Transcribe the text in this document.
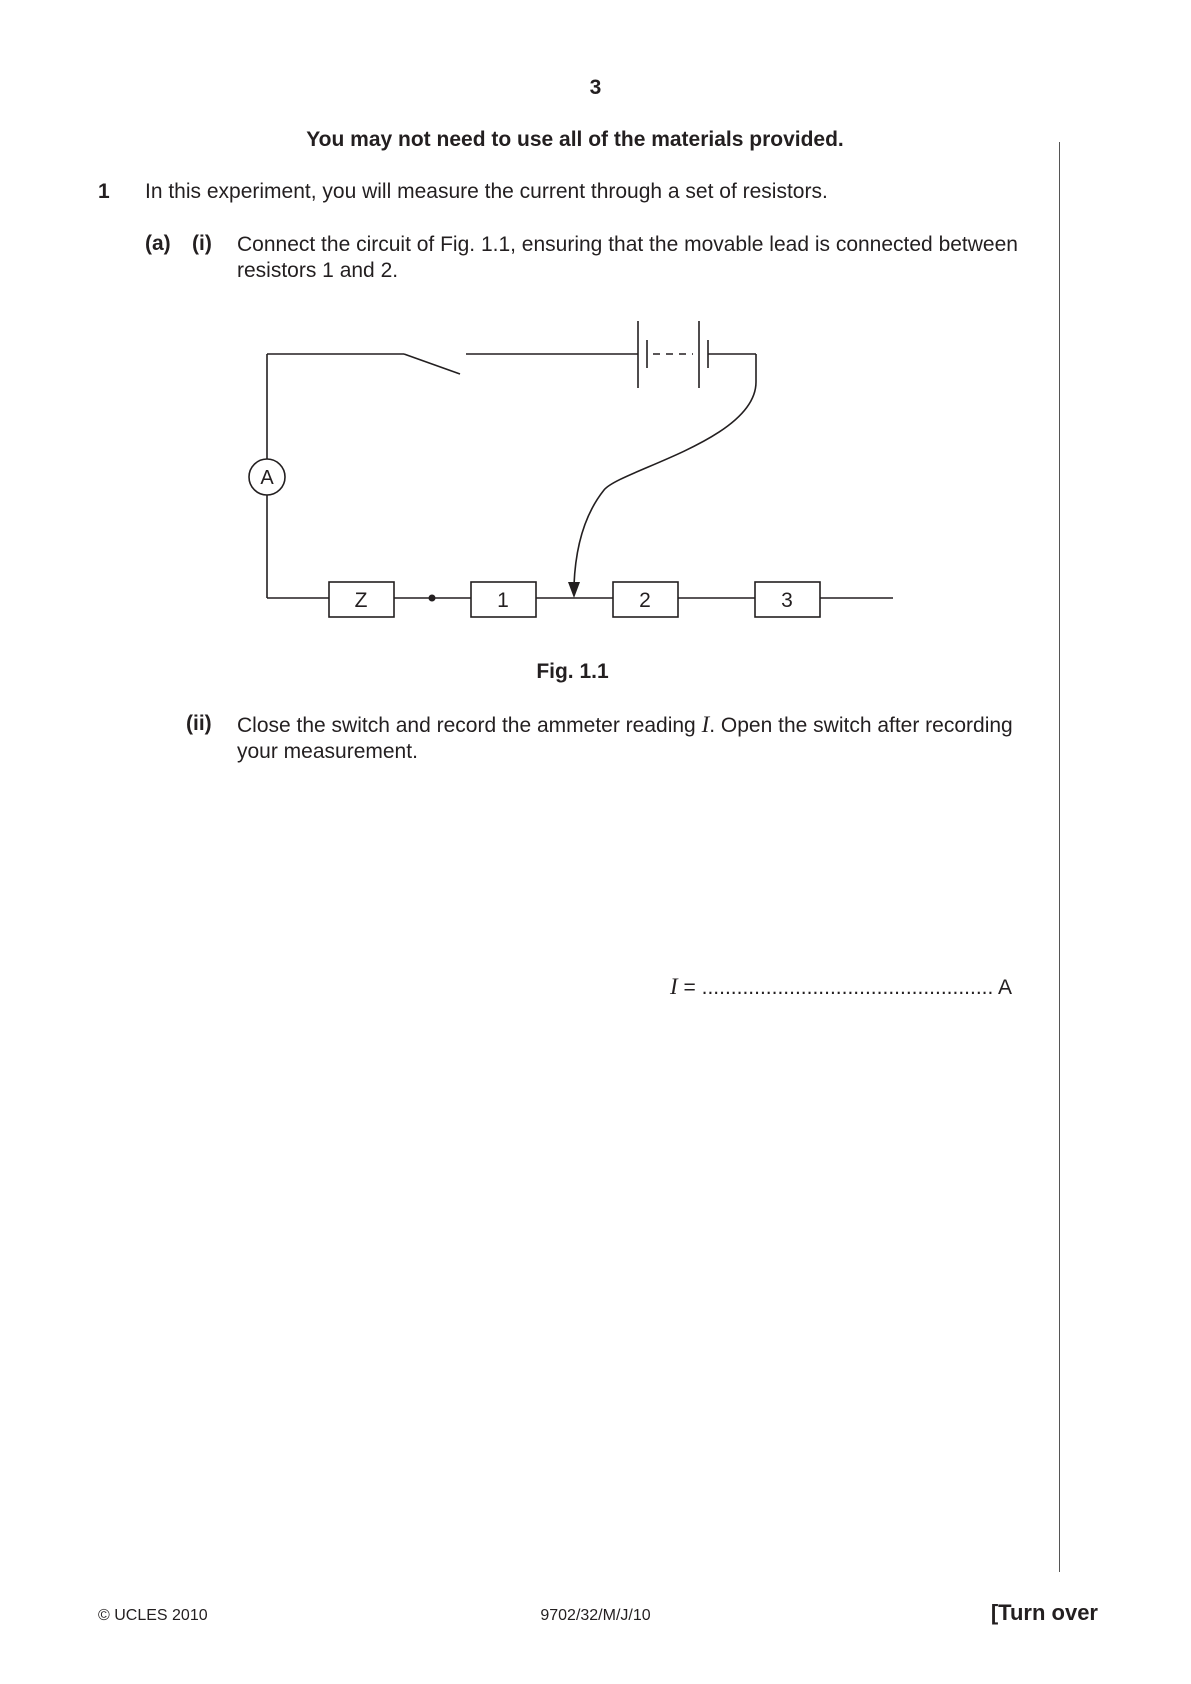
3
You may not need to use all of the materials provided.
1 In this experiment, you will measure the current through a set of resistors.
(a) (i) Connect the circuit of Fig. 1.1, ensuring that the movable lead is connected between resistors 1 and 2.
A
Z	1	2	3
Fig. 1.1
(ii) Close the switch and record the ammeter reading I. Open the switch after recording your measurement.
I = .................................................. A
© UCLES 2010	9702/32/M/J/10	[Turn over
